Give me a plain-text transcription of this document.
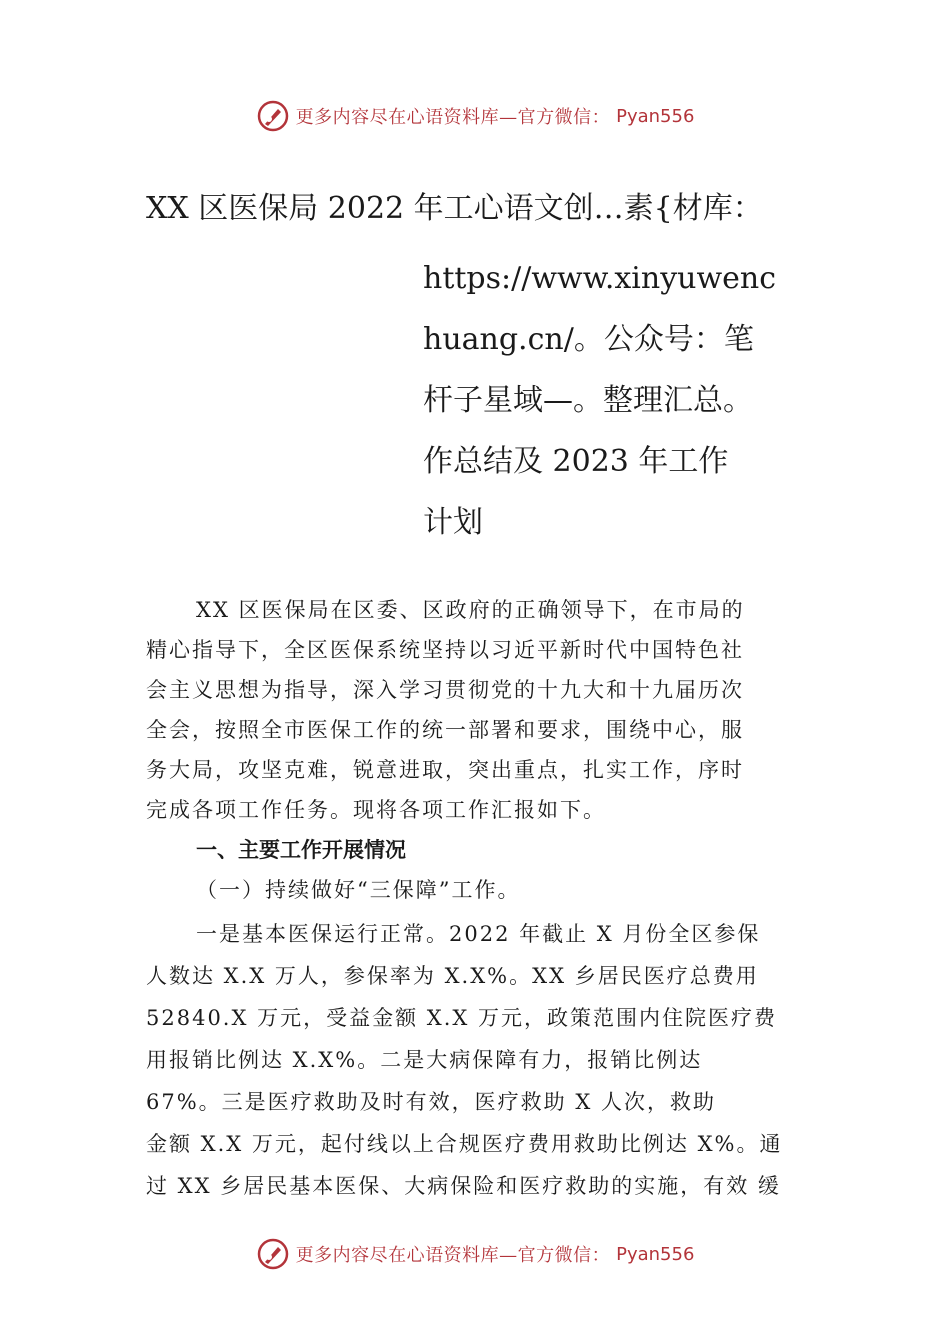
更多内容尽在心语资料库—官方微信： Pyan556
XX 区医保局 2022 年工心语文创…素{材库：
https://www.xinyuwenc
huang.cn/。公众号：笔
杆子星域—。整理汇总。
作总结及 2023 年工作
计划
XX 区医保局在区委、区政府的正确领导下，在市局的
精心指导下，全区医保系统坚持以习近平新时代中国特色社
会主义思想为指导，深入学习贯彻党的十九大和十九届历次
全会，按照全市医保工作的统一部署和要求，围绕中心，服
务大局，攻坚克难，锐意进取，突出重点，扎实工作，序时
完成各项工作任务。现将各项工作汇报如下。
一、主要工作开展情况
（一）持续做好“三保障”工作。
一是基本医保运行正常。2022 年截止 X 月份全区参保
人数达 X.X 万人，参保率为 X.X%。XX 乡居民医疗总费用
52840.X 万元，受益金额 X.X 万元，政策范围内住院医疗费
用报销比例达 X.X%。二是大病保障有力，报销比例达
67%。三是医疗救助及时有效，医疗救助 X 人次，救助
金额 X.X 万元，起付线以上合规医疗费用救助比例达 X%。通
过 XX 乡居民基本医保、大病保险和医疗救助的实施，有效 缓
更多内容尽在心语资料库—官方微信： Pyan556
